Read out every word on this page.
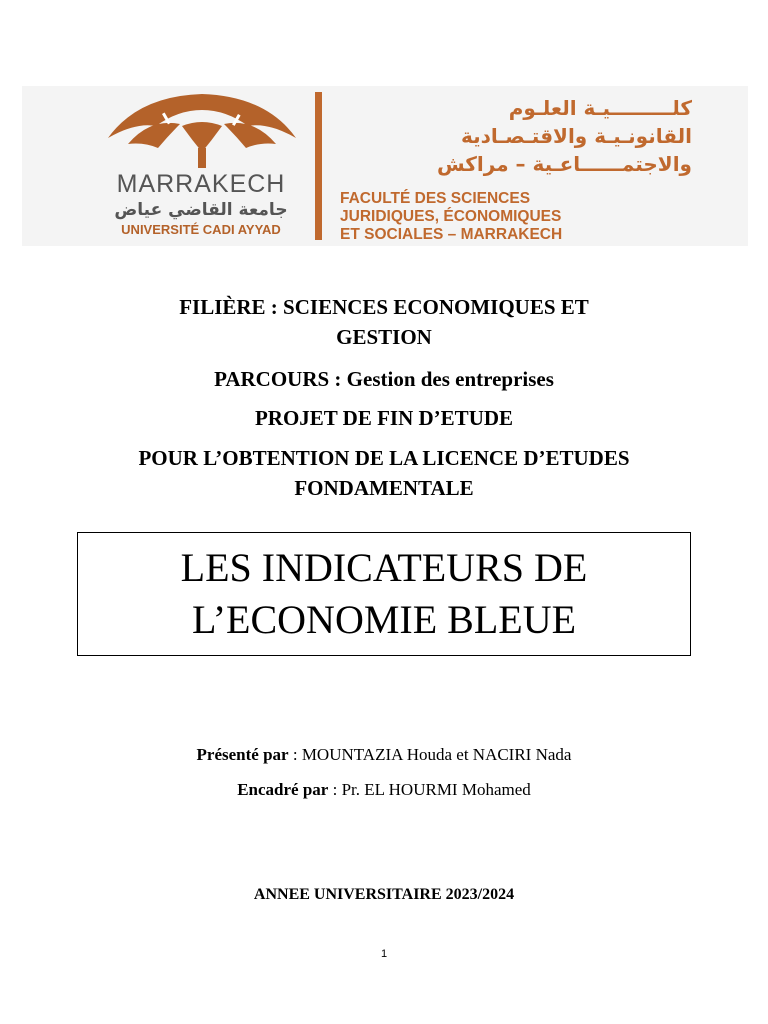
MARRAKECH
جامعة القاضي عياض
UNIVERSITÉ CADI AYYAD
كلـــــــــيـة العلـوم
القانونـيـة والاقتـصـادية
والاجتمــــــاعـية – مراكش
FACULTÉ DES SCIENCES
JURIDIQUES, ÉCONOMIQUES
ET SOCIALES – MARRAKECH
FILIÈRE : SCIENCES ECONOMIQUES ET
GESTION
PARCOURS : Gestion des entreprises
PROJET DE FIN D’ETUDE
POUR L’OBTENTION DE LA LICENCE D’ETUDES
FONDAMENTALE
LES INDICATEURS DE
L’ECONOMIE BLEUE
Présenté par : MOUNTAZIA Houda et NACIRI Nada
Encadré par : Pr. EL HOURMI Mohamed
ANNEE UNIVERSITAIRE 2023/2024
1
